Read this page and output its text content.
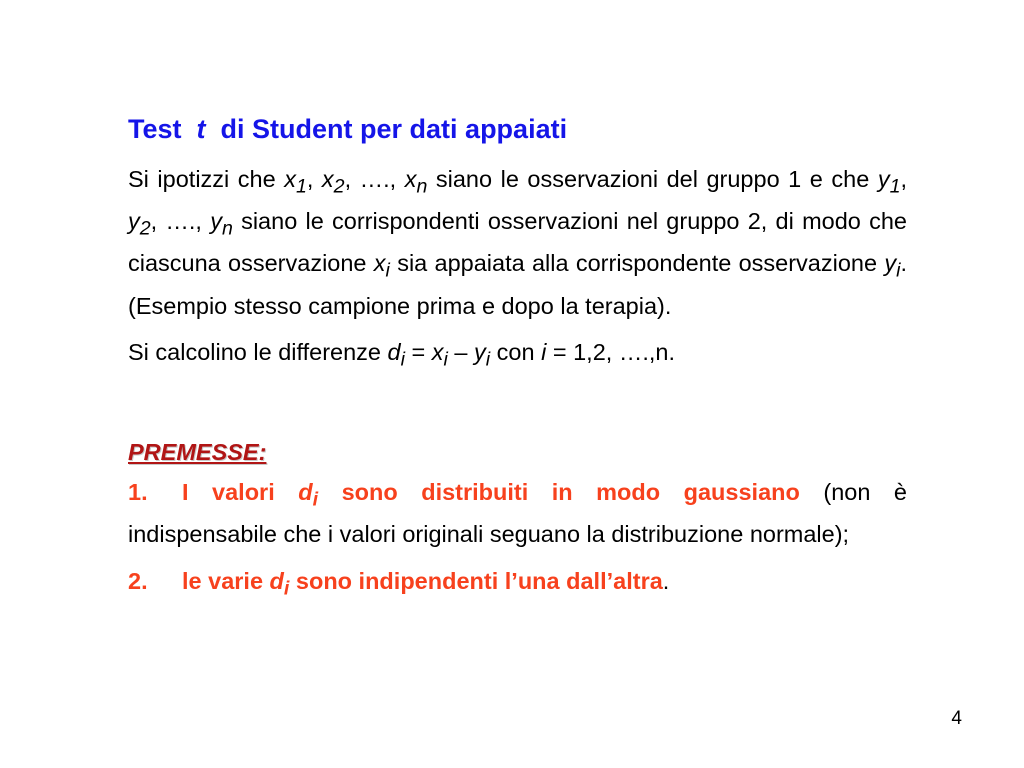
Test t di Student per dati appaiati

Si ipotizzi che $x_1$, $x_2$, …., $x_n$ siano le osservazioni del gruppo 1 e che $y_1$, $y_2$, …., $y_n$ siano le corrispondenti osservazioni nel gruppo 2, di modo che ciascuna osservazione $x_i$ sia appaiata alla corrispondente osservazione $y_i$. (Esempio stesso campione prima e dopo la terapia).

Si calcolino le differenze $d_i = x_i - y_i$ con i = 1,2, ….,n.

PREMESSE:

1. I valori $d_i$ sono distribuiti in modo gaussiano (non è indispensabile che i valori originali seguano la distribuzione normale);

2. le varie $d_i$ sono indipendenti l’una dall’altra.

4
